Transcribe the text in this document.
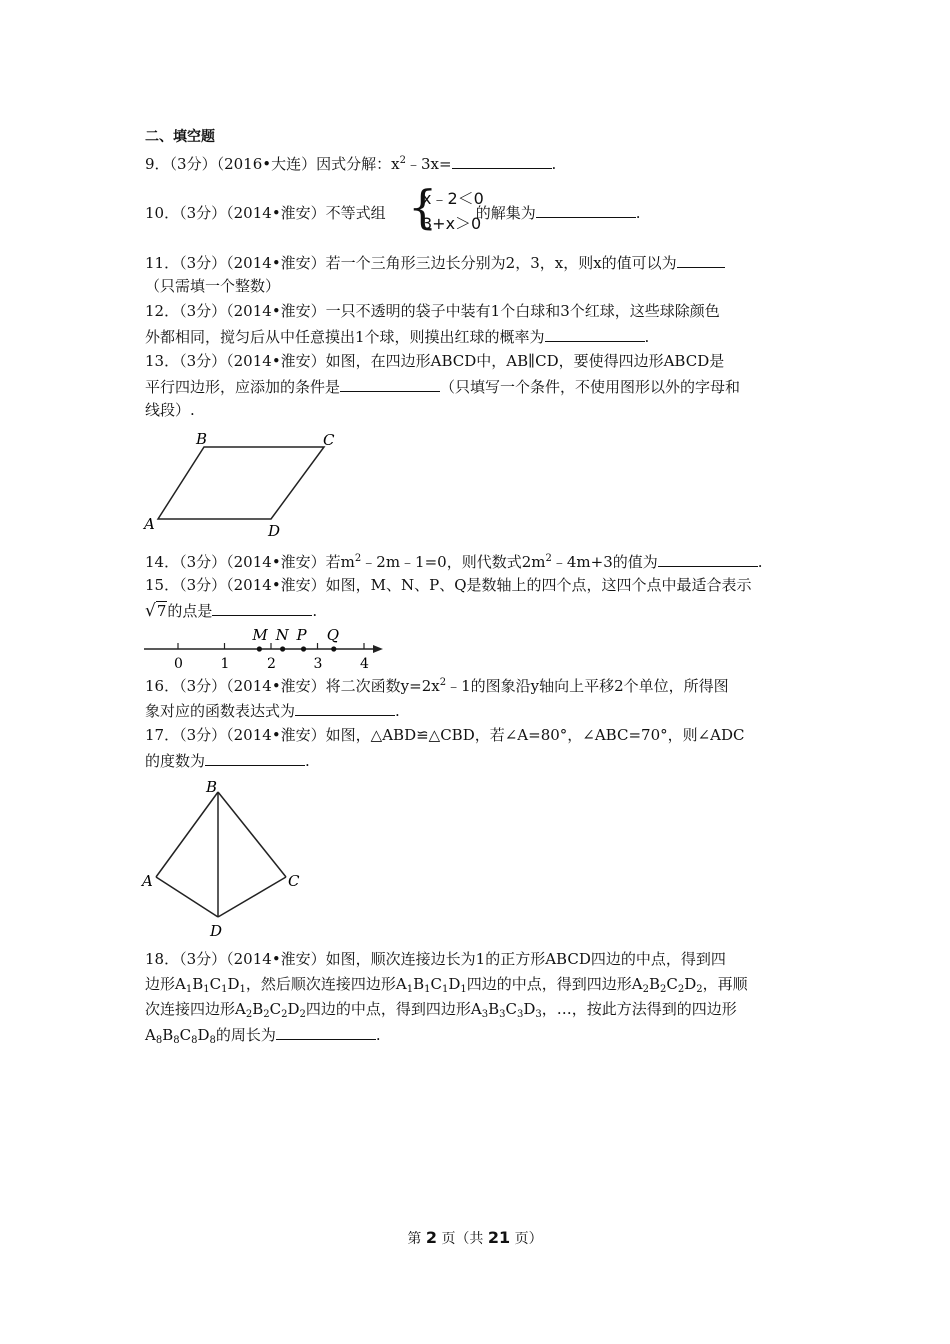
二、填空题
9．（3分）（2016•大连）因式分解：$x^2﹣3x=$	.
10．（3分）（2014•淮安）不等式组	的解集为	.
{
x﹣2＜0
3+x＞0
11．（3分）（2014•淮安）若一个三角形三边长分别为2，3，x，则x的值可以为
（只需填一个整数）
12．（3分）（2014•淮安）一只不透明的袋子中装有1个白球和3个红球，这些球除颜色
外都相同，搅匀后从中任意摸出1个球，则摸出红球的概率为	.
13．（3分）（2014•淮安）如图，在四边形ABCD中，AB∥CD，要使得四边形ABCD是
平行四边形，应添加的条件是	（只填写一个条件，不使用图形以外的字母和
线段）.
A
B	C
D
14．（3分）（2014•淮安）若$m^2﹣2m﹣1=0$，则代数式$2m^2﹣4m+3$的值为	.
15．（3分）（2014•淮安）如图，M、N、P、Q是数轴上的四个点，这四个点中最适合表示
√7的点是	.
0	1	2	3	4
M N P Q
16．（3分）（2014•淮安）将二次函数$y=2x^2﹣1$的图象沿y轴向上平移2个单位，所得图
象对应的函数表达式为	.
17．（3分）（2014•淮安）如图，△ABD≌△CBD，若∠A=80°，∠ABC=70°，则∠ADC
的度数为	.
A
B
C
D
18．（3分）（2014•淮安）如图，顺次连接边长为1的正方形ABCD四边的中点，得到四
边形$A_1B_1C_1D_1$，然后顺次连接四边形$A_1B_1C_1D_1$四边的中点，得到四边形$A_2B_2C_2D_2$，再顺
次连接四边形$A_2B_2C_2D_2$四边的中点，得到四边形$A_3B_3C_3D_3$，…，按此方法得到的四边形
$A_8B_8C_8D_8$的周长为	.
第 2 页（共 21 页）
